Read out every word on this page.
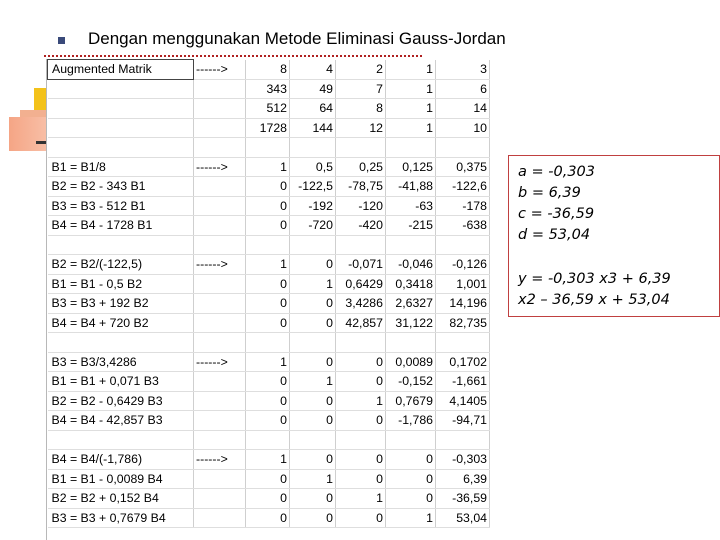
Dengan menggunakan Metode Eliminasi Gauss-Jordan
Augmented Matrik	------>	8	4	2	1	3
		343	49	7	1	6
		512	64	8	1	14
		1728	144	12	1	10

B1 = B1/8	------>	1	0,5	0,25	0,125	0,375
B2 = B2 - 343 B1		0	-122,5	-78,75	-41,88	-122,6
B3 = B3 - 512 B1		0	-192	-120	-63	-178
B4 = B4 - 1728 B1		0	-720	-420	-215	-638

B2 = B2/(-122,5)	------>	1	0	-0,071	-0,046	-0,126
B1 = B1 - 0,5 B2		0	1	0,6429	0,3418	1,001
B3 = B3 + 192 B2		0	0	3,4286	2,6327	14,196
B4 = B4 + 720 B2		0	0	42,857	31,122	82,735

B3 = B3/3,4286	------>	1	0	0	0,0089	0,1702
B1 = B1 + 0,071 B3		0	1	0	-0,152	-1,661
B2 = B2 - 0,6429 B3		0	0	1	0,7679	4,1405
B4 = B4 - 42,857 B3		0	0	0	-1,786	-94,71

B4 = B4/(-1,786)	------>	1	0	0	0	-0,303
B1 = B1 - 0,0089 B4		0	1	0	0	6,39
B2 = B2 + 0,152 B4		0	0	1	0	-36,59
B3 = B3 + 0,7679 B4		0	0	0	1	53,04
a = -0,303
b = 6,39
c = -36,59
d = 53,04
y = -0,303 x3 + 6,39
x2 – 36,59 x + 53,04
